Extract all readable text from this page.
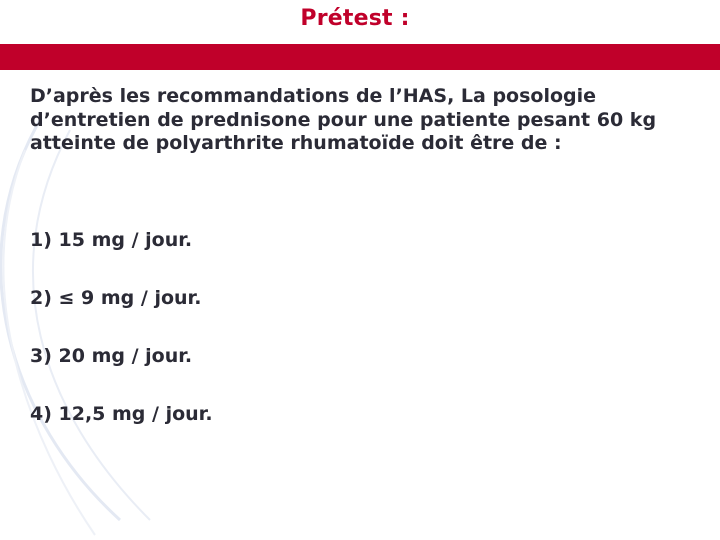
Prétest :
D’après les recommandations de l’HAS, La posologie d’entretien de prednisone pour une patiente pesant 60 kg atteinte de polyarthrite rhumatoïde doit être de :
1) 15 mg / jour.
2) ≤ 9 mg / jour.
3) 20 mg / jour.
4) 12,5 mg / jour.
